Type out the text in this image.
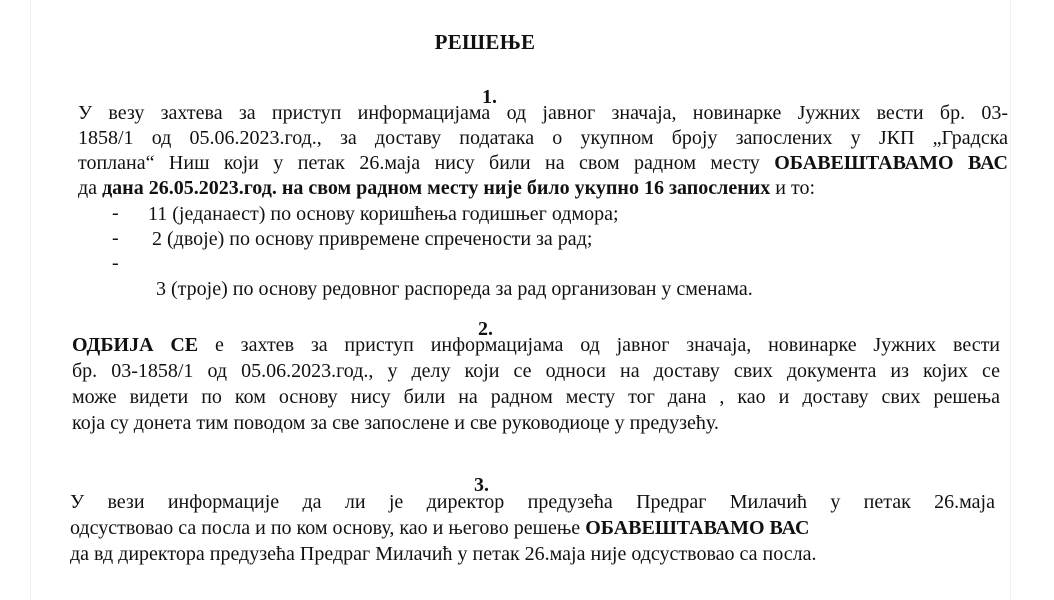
РЕШЕЊЕ
1.
У везу захтева за приступ информацијама од јавног значаја, новинарке Јужних вести бр. 03-
1858/1 од 05.06.2023.год., за доставу података о укупном броју запослених у ЈКП „Градска
топлана“ Ниш који у петак 26.маја нису били на свом радном месту ОБАВЕШТАВАМО ВАС
да дана 26.05.2023.год. на свом радном месту није било укупно 16 запослених и то:
- 11 (једанаест) по основу коришћења годишњег одмора;
- 2 (двоје) по основу привремене спречености за рад;
-
3 (троје) по основу редовног распореда за рад организован у сменама.
2.
ОДБИЈА СЕ е захтев за приступ информацијама од јавног значаја, новинарке Јужних вести
бр. 03-1858/1 од 05.06.2023.год., у делу који се односи на доставу свих документа из којих се
може видети по ком основу нису били на радном месту тог дана , као и доставу свих решења
која су донета тим поводом за све запослене и све руководиоце у предузећу.
3.
У вези информације да ли је директор предузећа Предраг Милачић у петак 26.маја
одсуствовао са посла и по ком основу, као и његово решење ОБАВЕШТАВАМО ВАС
да вд директора предузећа Предраг Милачић у петак 26.маја није одсуствовао са посла.
